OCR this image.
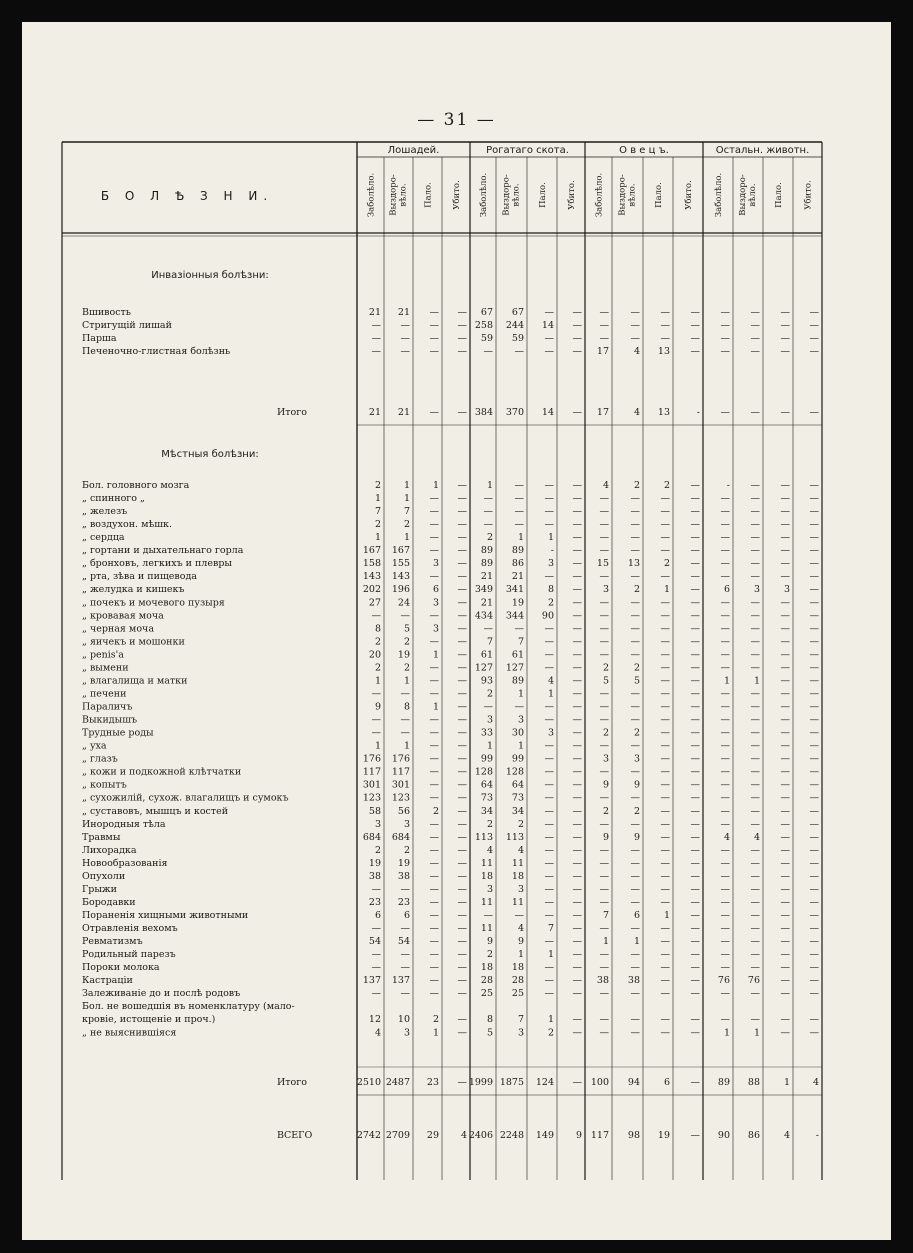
— 31 —
Б О Л Ѣ З Н И.
Лошадей.	Рогатаго скота.	О в е ц ъ.	Остальн. животн.
Заболѣло. Выздоро- вѣло. Пало. Убито. Заболѣло. Выздоро- вѣло. Пало. Убито. Заболѣло. Выздоро- вѣло. Пало. Убито. Заболѣло. Выздоро- вѣло. Пало. Убито.
Инвазіонныя болѣзни:
Вшивость	21 21 — — 67 67 — — — — — — — — — —
Стригущій лишай	— — — — 258 244 14 — — — — — — — — —
Парша	— — — — 59 59 — — — — — — — — — —
Печеночно-глистная болѣзнь	— — — — — — — — 17	4 13 — — — — —
Итого	21 21 — — 384 370 14 — 17	4 13	- — — — —
Мѣстныя болѣзни:
Бол. головного мозга	2 1 1 — 1 — — — 4	2	2 —	- — — —
„ спинного „	1 1 — — — — — — — — — — — — — —
„ железъ	7 7 — — — — — — — — — — — — — —
„ воздухон. мѣшк.	2 2 — — — — — — — — — — — — — —
„ сердца	1 1 — — 2	1	1 — — — — — — — — —
„ гортани и дыхательнаго горла	167 167 — — 89 89	- — — — — — — — — —
„ бронховъ, легкихъ и плевры	158 155 3 — 89 86	3 — 15 13	2 — — — — —
„ рта, зѣва и пищевода	143 143 — — 21 21 — — — — — — — — — —
„ желудка и кишекъ	202 196 6 — 349 341	8 — 3	2	1 —	6	3	3 —
„ почекъ и мочевого пузыря	27 24 3 — 21 19	2 — — — — — — — — —
„ кровавая моча	— — — — 434 344 90 — — — — — — — — —
„ черная моча	8 5 3 — — — — — — — — — — — — —
„ яичекъ и мошонки	2 2 — — 7	7 — — — — — — — — — —
„ penis'а	20 19 1 — 61 61 — — — — — — — — — —
„ вымени	2 2 — — 127 127 — — 2	2 — — — — — —
„ влагалища и матки	1 1 — — 93 89	4 — 5	5 — —	1	1 — —
„ печени	— — — — 2	1	1 — — — — — — — — —
Параличъ	9 8 1 — — — — — — — — — — — — —
Выкидышъ	— — — — 3	3 — — — — — — — — — —
Трудные роды	— — — — 33 30	3 — 2	2 — — — — — —
„ уха	1 1 — — 1	1 — — — — — — — — — —
„ глазъ	176 176 — — 99 99 — — 3	3 — — — — — —
„ кожи и подкожной клѣтчатки	117 117 — — 128 128 — — — — — — — — — —
„ копытъ	301 301 — — 64 64 — — 9	9 — — — — — —
„ сухожилій, сухож. влагалищъ и сумокъ	123 123 — — 73 73 — — — — — — — — — —
„ суставовъ, мышцъ и костей	58 56 2 — 34 34 — — 2	2 — — — — — —
Инородныя тѣла	3 3 — — 2	2 — — — — — — — — — —
Травмы	684 684 — — 113 113 — — 9	9 — —	4	4 — —
Лихорадка	2 2 — — 4	4 — — — — — — — — — —
Новообразованія	19 19 — — 11 11 — — — — — — — — — —
Опухоли	38 38 — — 18 18 — — — — — — — — — —
Грыжи	— — — — 3	3 — — — — — — — — — —
Бородавки	23 23 — — 11 11 — — — — — — — — — —
Пораненія хищными животными	6 6 — — — — — — 7	6	1 — — — — —
Отравленія вехомъ	— — — — 11	4	7 — — — — — — — — —
Ревматизмъ	54 54 — — 9	9 — — 1	1 — — — — — —
Родильный парезъ	— — — — 2	1	1 — — — — — — — — —
Пороки молока	— — — — 18 18 — — — — — — — — — —
Кастраціи	137 137 — — 28 28 — — 38 38 — — 76 76 — —
Залеживаніе до и послѣ родовъ	— — — — 25 25 — — — — — — — — — —
Бол. не вошедшія въ номенклатуру (мало-
кровіе, истощеніе и проч.)	12 10 2 — 8	7	1 — — — — — — — — —
„ не выяснившіяся	4 3 1 — 5	3	2 — — — — —	1	1 — —
Итого	2510 2487 23 — 1999 1875 124 — 100 94	6 — 89 88	1 4
ВСЕГО	2742 2709 29 4 2406 2248 149 9 117 98 19 — 90 86	4	-
